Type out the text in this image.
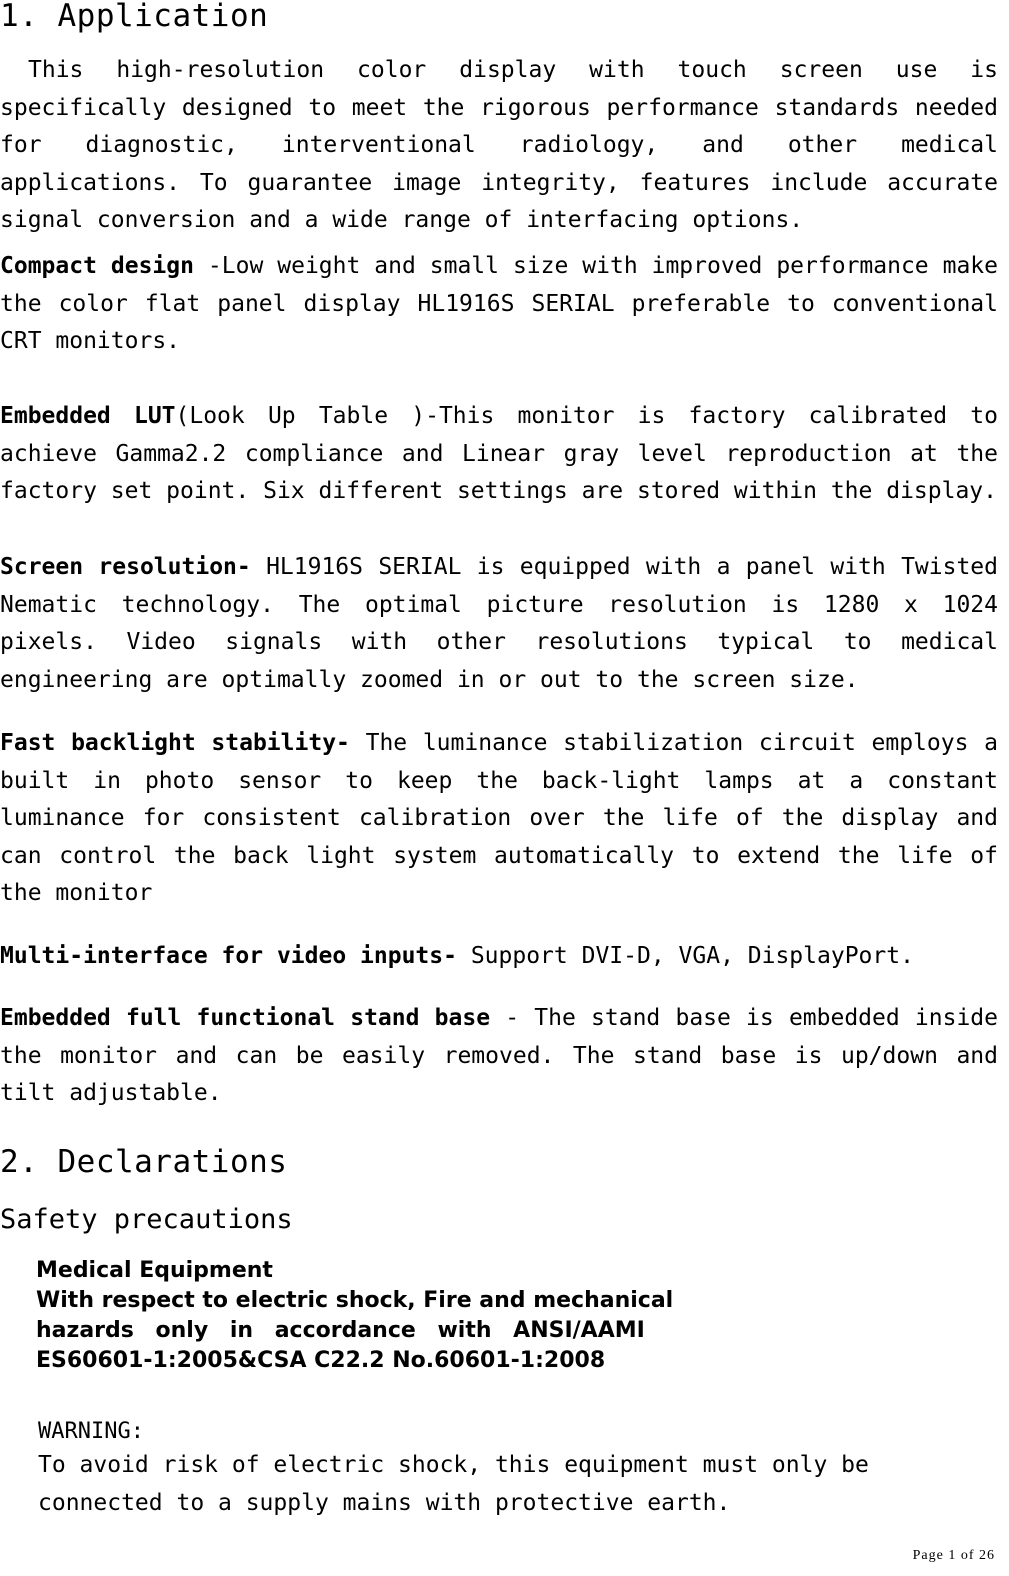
1. Application

This high-resolution color display with touch screen use is specifically designed to meet the rigorous performance standards needed for diagnostic, interventional radiology, and other medical applications. To guarantee image integrity, features include accurate signal conversion and a wide range of interfacing options.

Compact design -Low weight and small size with improved performance make the color flat panel display HL1916S SERIAL preferable to conventional CRT monitors.

Embedded LUT(Look Up Table )-This monitor is factory calibrated to achieve Gamma2.2 compliance and Linear gray level reproduction at the factory set point. Six different settings are stored within the display.

Screen resolution- HL1916S SERIAL is equipped with a panel with Twisted Nematic technology. The optimal picture resolution is 1280 x 1024 pixels. Video signals with other resolutions typical to medical engineering are optimally zoomed in or out to the screen size.

Fast backlight stability- The luminance stabilization circuit employs a built in photo sensor to keep the back-light lamps at a constant luminance for consistent calibration over the life of the display and can control the back light system automatically to extend the life of the monitor

Multi-interface for video inputs- Support DVI-D, VGA, DisplayPort.

Embedded full functional stand base - The stand base is embedded inside the monitor and can be easily removed. The stand base is up/down and tilt adjustable.

2. Declarations
Safety precautions
Medical Equipment
With respect to electric shock, Fire and mechanical
hazards only in accordance with ANSI/AAMI
ES60601-1:2005&CSA C22.2 No.60601-1:2008
WARNING:

To avoid risk of electric shock, this equipment must only be connected to a supply mains with protective earth.

Page 1 of 26
